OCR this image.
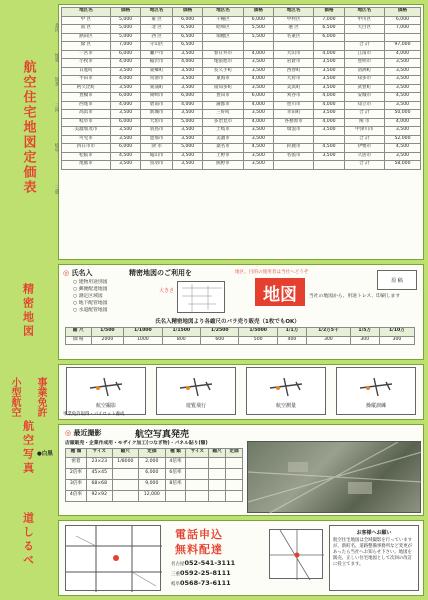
航空住宅地図定価表
精密地図
小型航空 事業免許
航空写真
道しるべ
地区名	価格	地区名	価格	地区名	価格	地区名	価格	地区名	価格
中 区	5,000	東 区	6,000	千種区	6,000	中村区	7,000	中川区	6,000
南 区	5,000	北 区	6,500	昭和区	5,500	港 区	6,500	天白区	7,000
熱田区	5,000	西 区	6,500	瑞穂区	5,500	名東区	6,000		
緑 区	7,000	守山区	6,500					合 計	97,000
一宮市	6,000	瀬戸市	3,500	春日井市	4,000	犬山市	4,000	江南市	4,000
小牧市	4,000	稲沢市	4,000	尾張旭市	3,500	岩倉市	3,500	豊明市	3,500
日進町	3,500	東郷町	3,500	長久手町	3,500	西春町	3,500	清洲町	3,500
半田市	4,000	常滑市	3,500	東海市	4,000	大府市	3,500	知多市	3,500
阿久比町	3,500	東浦町	3,500	南知多町	3,500	美浜町	3,500	武豊町	3,500
豊橋市	6,000	岡崎市	6,000	豊田市	6,000	刈谷市	4,000	安城市	4,500
西尾市	4,000	碧南市	4,000	蒲郡市	4,000	豊川市	4,000	知立市	3,500
高浜市	3,500	新城市	3,500	三好町	3,500	幸田町	3,500	合 計	50,000
岐阜市	6,000	大垣市	5,000	多治見市	4,000	各務原市	4,000	関 市	4,000
美濃加茂市	3,500	羽島市	3,500	土岐市	3,500	瑞浪市	3,500	中津川市	3,500
可児市	3,500	恵那市	3,500	美濃市	3,500			合 計	52,000
四日市市	6,000	津 市	5,000	桑名市	4,500	鈴鹿市	4,500	伊勢市	4,500
松阪市	4,500	亀山市	3,500	上野市	3,500	名張市	3,500	久居市	3,500
尾鷲市	3,500	鳥羽市	3,500	熊野市	3,500			合 計	58,000
北区
尾張
知多
三河
岐阜
三重
◎ 氏名入	精密地図のご利用を
○ 建物用途別図
○ 郵便配達地図
○ 測定区域図
○ 地下配管地図
○ 水道配管地図
大きさ
地区、目的の使用者は当社へどうぞ
地図	当社の地図から、用途トレス、印刷します
原 稿
氏名入精密地図より各縮尺のバラ売り販売（1枚でもOK）
縮 尺	1/500	1/1000	1/1500	1/2500	1/5000	1/1万	1/2万5千	1/5万	1/10万
価 格	2000	1000	800	600	500	400	300	300	300
航空撮影	遊覧飛行	航空測量	操縦訓練
事業免許取得・パイロット養成
◎ 最近撮影	航空写真発売
店頭販売・企業作成用・モザイク加工(つなぎ物)・パネル貼り(額)
●白黒	種 類	サイズ	縮尺	定価	種 類	サイズ	縮尺	定価
密着	23×23	1/8000	2,000	4倍率			
2倍率	45×45		6,000	6倍率			
3倍率	68×68		9,000	8倍率			
4倍率	92×92		12,000				
電話申込
無料配達
名古屋052-541-3111
三重0592-25-8111
岐阜0568-73-6111
お客様へお願い
航空住宅地図は全域撮影を行っていますが、新町名、道路整備事務所など変更があったら当社へお知らせ下さい。地図を販売、正しい住宅地図として次回の改訂に役立てます。
